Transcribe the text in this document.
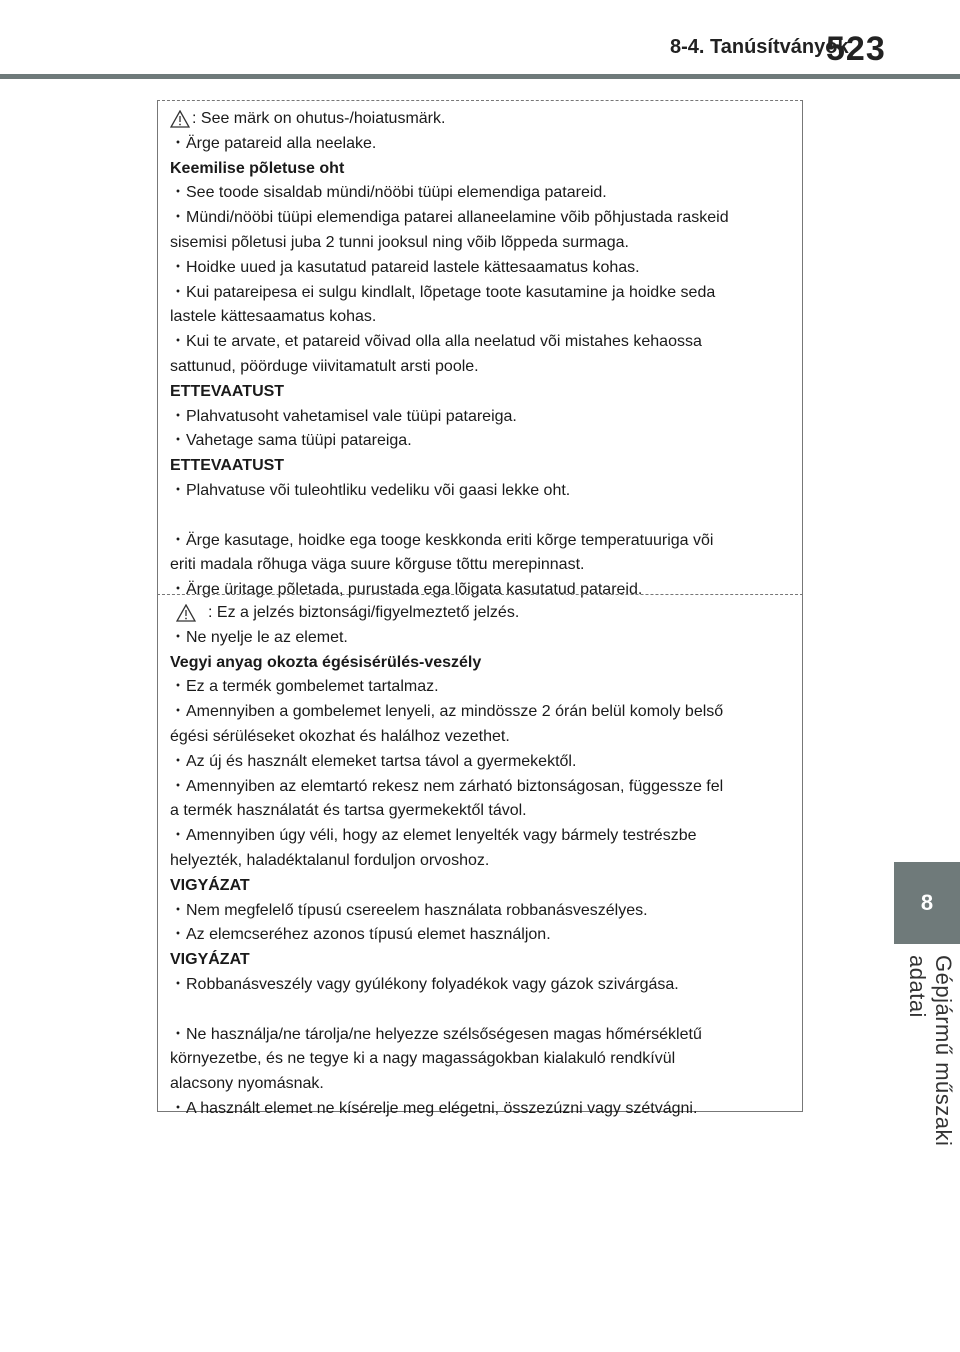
8-4. Tanúsítványok
523
8
Gépjármű műszaki adatai
: See märk on ohutus-/hoiatusmärk.
・Ärge patareid alla neelake.
Keemilise põletuse oht
・See toode sisaldab mündi/nööbi tüüpi elemendiga patareid.
・Mündi/nööbi tüüpi elemendiga patarei allaneelamine võib põhjustada raskeid
sisemisi põletusi juba 2 tunni jooksul ning võib lõppeda surmaga.
・Hoidke uued ja kasutatud patareid lastele kättesaamatus kohas.
・Kui patareipesa ei sulgu kindlalt, lõpetage toote kasutamine ja hoidke seda
lastele kättesaamatus kohas.
・Kui te arvate, et patareid võivad olla alla neelatud või mistahes kehaossa
sattunud, pöörduge viivitamatult arsti poole.
ETTEVAATUST
・Plahvatusoht vahetamisel vale tüüpi patareiga.
・Vahetage sama tüüpi patareiga.
ETTEVAATUST
・Plahvatuse või tuleohtliku vedeliku või gaasi lekke oht.
・Ärge kasutage, hoidke ega tooge keskkonda eriti kõrge temperatuuriga või
eriti madala rõhuga väga suure kõrguse tõttu merepinnast.
・Ärge üritage põletada, purustada ega lõigata kasutatud patareid.
: Ez a jelzés biztonsági/figyelmeztető jelzés.
・Ne nyelje le az elemet.
Vegyi anyag okozta égésisérülés-veszély
・Ez a termék gombelemet tartalmaz.
・Amennyiben a gombelemet lenyeli, az mindössze 2 órán belül komoly belső
égési sérüléseket okozhat és halálhoz vezethet.
・Az új és használt elemeket tartsa távol a gyermekektől.
・Amennyiben az elemtartó rekesz nem zárható biztonságosan, függessze fel
a termék használatát és tartsa gyermekektől távol.
・Amennyiben úgy véli, hogy az elemet lenyelték vagy bármely testrészbe
helyezték, haladéktalanul forduljon orvoshoz.
VIGYÁZAT
・Nem megfelelő típusú csereelem használata robbanásveszélyes.
・Az elemcseréhez azonos típusú elemet használjon.
VIGYÁZAT
・Robbanásveszély vagy gyúlékony folyadékok vagy gázok szivárgása.
・Ne használja/ne tárolja/ne helyezze szélsőségesen magas hőmérsékletű
környezetbe, és ne tegye ki a nagy magasságokban kialakuló rendkívül
alacsony nyomásnak.
・A használt elemet ne kísérelje meg elégetni, összezúzni vagy szétvágni.
